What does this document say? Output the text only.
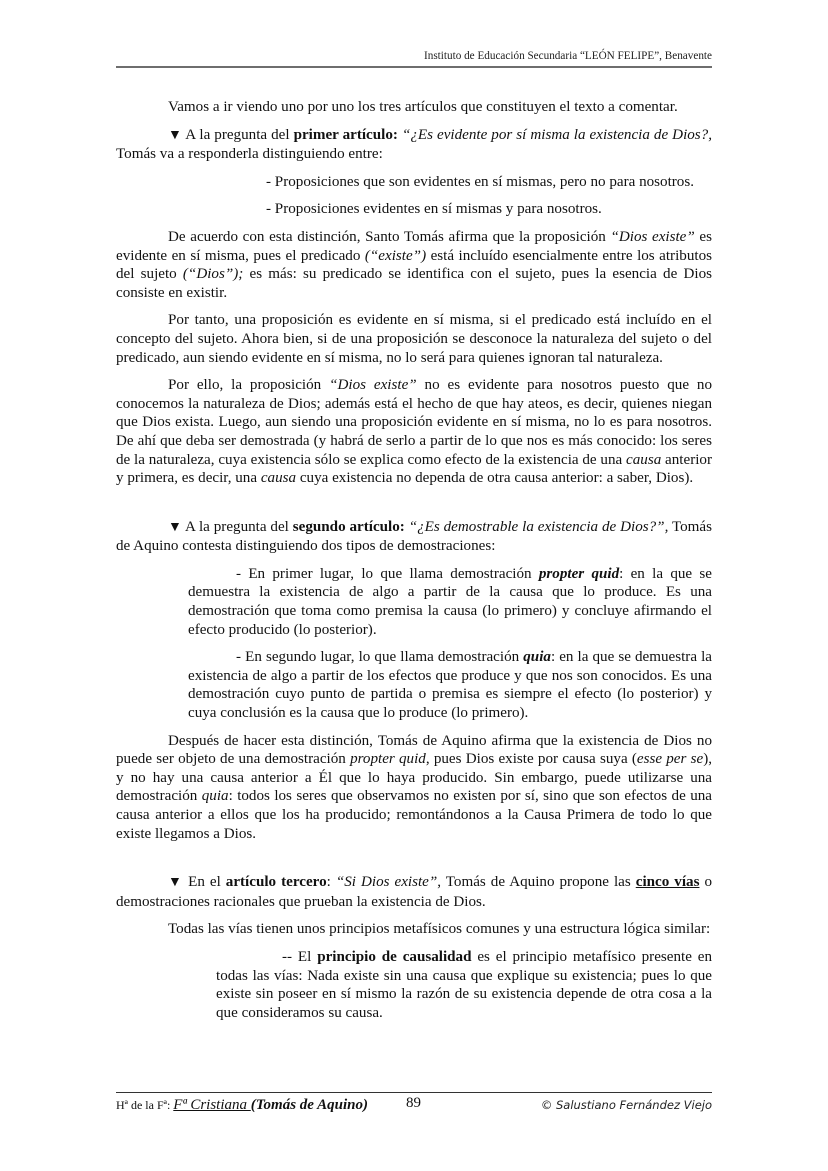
Instituto de Educación Secundaria “LEÓN FELIPE”, Benavente

Vamos a ir viendo uno por uno los tres artículos que constituyen el texto a comentar.

▼ A la pregunta del primer artículo: “¿Es evidente por sí misma la existencia de Dios?, Tomás va a responderla distinguiendo entre:

- Proposiciones que son evidentes en sí mismas, pero no para nosotros.

- Proposiciones evidentes en sí mismas y para nosotros.

De acuerdo con esta distinción, Santo Tomás afirma que la proposición “Dios existe” es evidente en sí misma, pues el predicado (“existe”) está incluído esencialmente entre los atributos del sujeto (“Dios”); es más: su predicado se identifica con el sujeto, pues la esencia de Dios consiste en existir.

Por tanto, una proposición es evidente en sí misma, si el predicado está incluído en el concepto del sujeto. Ahora bien, si de una proposición se desconoce la naturaleza del sujeto o del predicado, aun siendo evidente en sí misma, no lo será para quienes ignoran tal naturaleza.

Por ello, la proposición “Dios existe” no es evidente para nosotros puesto que no conocemos la naturaleza de Dios; además está el hecho de que hay ateos, es decir, quienes niegan que Dios exista. Luego, aun siendo una proposición evidente en sí misma, no lo es para nosotros. De ahí que deba ser demostrada (y habrá de serlo a partir de lo que nos es más conocido: los seres de la naturaleza, cuya existencia sólo se explica como efecto de la existencia de una causa anterior y primera, es decir, una causa cuya existencia no dependa de otra causa anterior: a saber, Dios).

▼ A la pregunta del segundo artículo: “¿Es demostrable la existencia de Dios?”, Tomás de Aquino contesta distinguiendo dos tipos de demostraciones:

- En primer lugar, lo que llama demostración propter quid: en la que se demuestra la existencia de algo a partir de la causa que lo produce. Es una demostración que toma como premisa la causa (lo primero) y concluye afirmando el efecto producido (lo posterior).

- En segundo lugar, lo que llama demostración quia: en la que se demuestra la existencia de algo a partir de los efectos que produce y que nos son conocidos. Es una demostración cuyo punto de partida o premisa es siempre el efecto (lo posterior) y cuya conclusión es la causa que lo produce (lo primero).

Después de hacer esta distinción, Tomás de Aquino afirma que la existencia de Dios no puede ser objeto de una demostración propter quid, pues Dios existe por causa suya (esse per se), y no hay una causa anterior a Él que lo haya producido. Sin embargo, puede utilizarse una demostración quia: todos los seres que observamos no existen por sí, sino que son efectos de una causa anterior a ellos que los ha producido; remontándonos a la Causa Primera de todo lo que existe llegamos a Dios.

▼ En el artículo tercero: “Si Dios existe”, Tomás de Aquino propone las cinco vías o demostraciones racionales que prueban la existencia de Dios.

Todas las vías tienen unos principios metafísicos comunes y una estructura lógica similar:

-- El principio de causalidad es el principio metafísico presente en todas las vías: Nada existe sin una causa que explique su existencia; pues lo que existe sin poseer en sí mismo la razón de su existencia depende de otra cosa a la que consideramos su causa.

Hª de la Fª: Fª Cristiana (Tomás de Aquino)	89	© Salustiano Fernández Viejo
